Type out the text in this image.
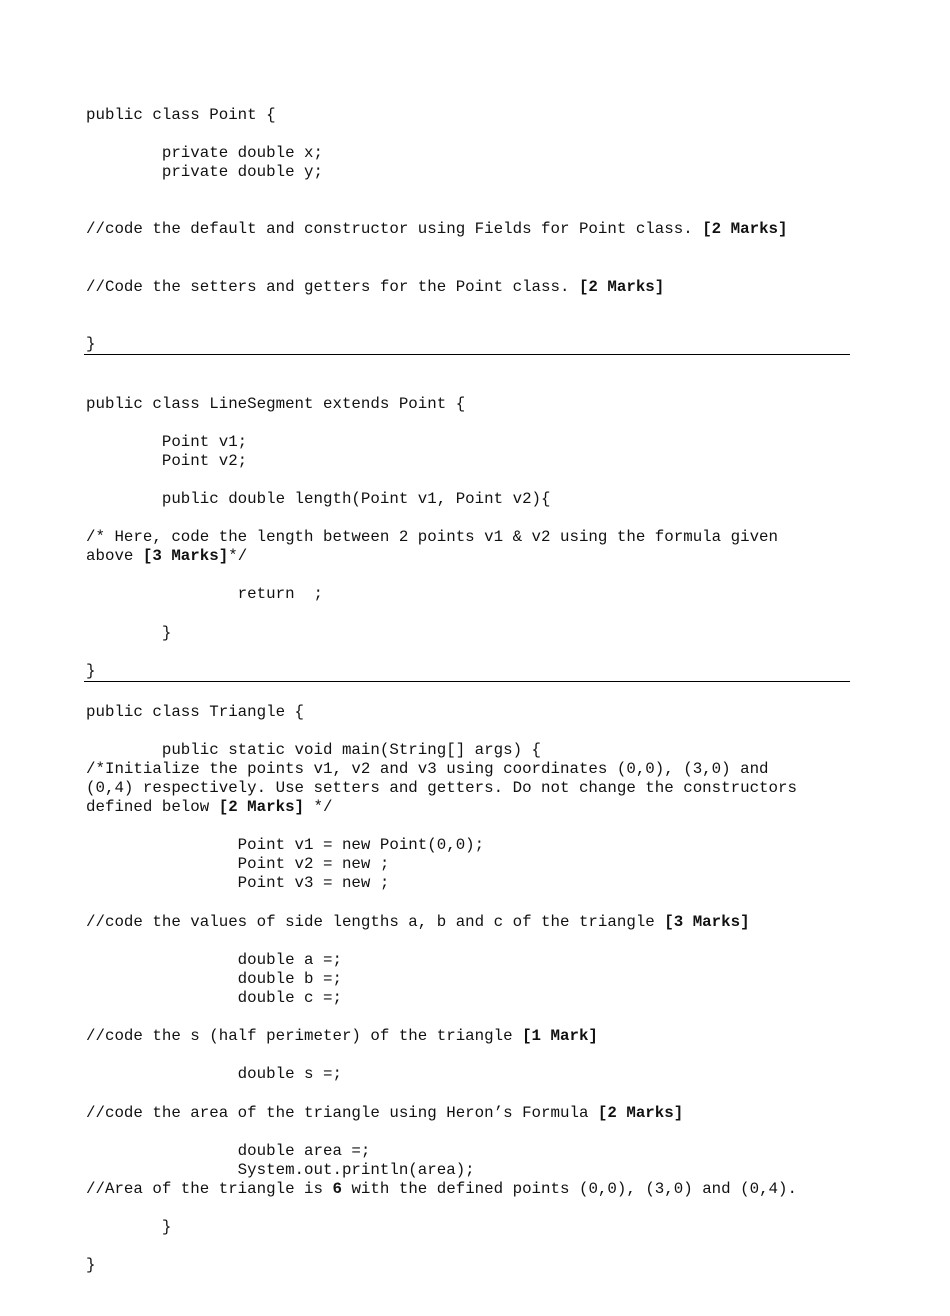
public class Point {

private double x;

private double y;

//code the default and constructor using Fields for Point class. [2 Marks]

//Code the setters and getters for the Point class. [2 Marks]

}

public class LineSegment extends Point {

Point v1;

Point v2;

public double length(Point v1, Point v2){

/* Here, code the length between 2 points v1 & v2 using the formula given

above [3 Marks]*/

return  ;

}

}

public class Triangle {

public static void main(String[] args) {

/*Initialize the points v1, v2 and v3 using coordinates (0,0), (3,0) and

(0,4) respectively. Use setters and getters. Do not change the constructors

defined below [2 Marks] */

Point v1 = new Point(0,0);

Point v2 = new ;

Point v3 = new ;

//code the values of side lengths a, b and c of the triangle [3 Marks]

double a =;

double b =;

double c =;

//code the s (half perimeter) of the triangle [1 Mark]

double s =;

//code the area of the triangle using Heron’s Formula [2 Marks]

double area =;

System.out.println(area);

//Area of the triangle is 6 with the defined points (0,0), (3,0) and (0,4).

}

}
